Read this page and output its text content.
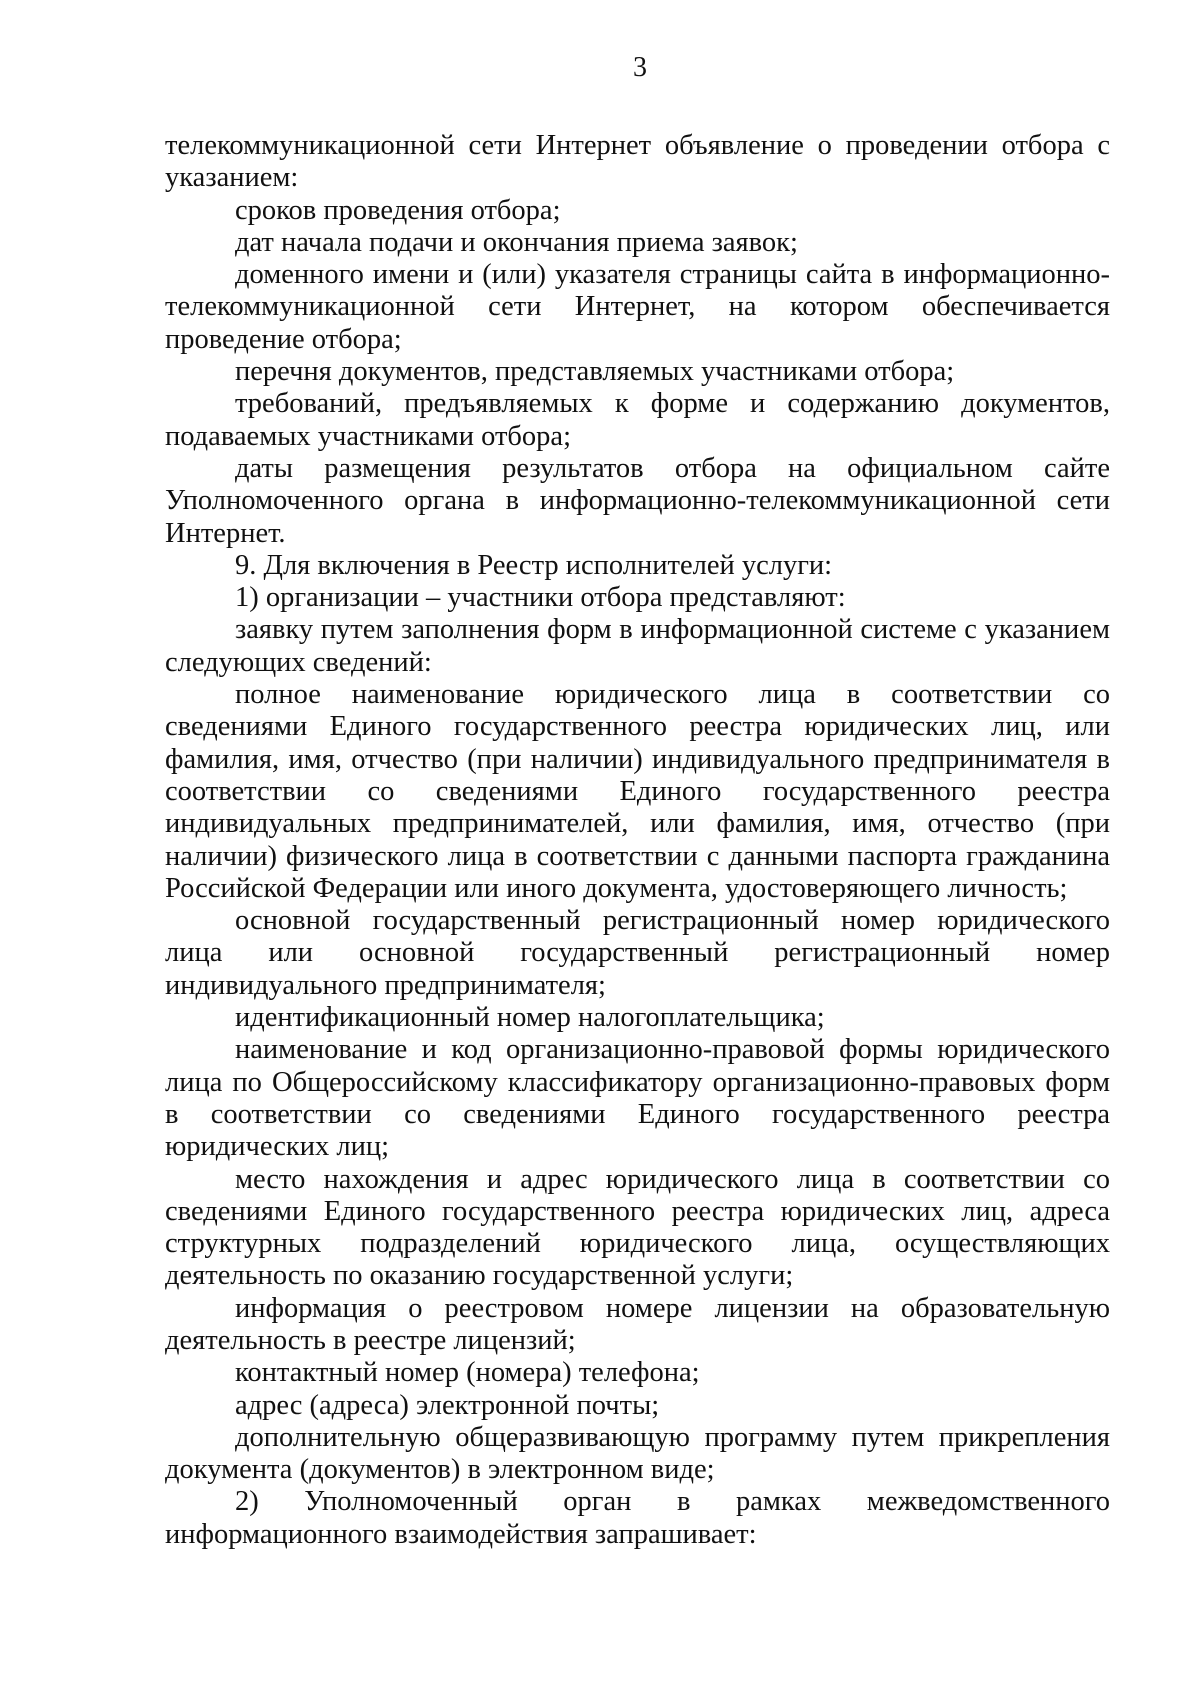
3

телекоммуникационной сети Интернет объявление о проведении отбора с указанием:

сроков проведения отбора;

дат начала подачи и окончания приема заявок;

доменного имени и (или) указателя страницы сайта в информационно-телекоммуникационной сети Интернет, на котором обеспечивается проведение отбора;

перечня документов, представляемых участниками отбора;

требований, предъявляемых к форме и содержанию документов, подаваемых участниками отбора;

даты размещения результатов отбора на официальном сайте Уполномоченного органа в информационно-телекоммуникационной сети Интернет.

9. Для включения в Реестр исполнителей услуги:

1) организации – участники отбора представляют:

заявку путем заполнения форм в информационной системе с указанием следующих сведений:

полное наименование юридического лица в соответствии со сведениями Единого государственного реестра юридических лиц, или фамилия, имя, отчество (при наличии) индивидуального предпринимателя в соответствии со сведениями Единого государственного реестра индивидуальных предпринимателей, или фамилия, имя, отчество (при наличии) физического лица в соответствии с данными паспорта гражданина Российской Федерации или иного документа, удостоверяющего личность;

основной государственный регистрационный номер юридического лица или основной государственный регистрационный номер индивидуального предпринимателя;

идентификационный номер налогоплательщика;

наименование и код организационно-правовой формы юридического лица по Общероссийскому классификатору организационно-правовых форм в соответствии со сведениями Единого государственного реестра юридических лиц;

место нахождения и адрес юридического лица в соответствии со сведениями Единого государственного реестра юридических лиц, адреса структурных подразделений юридического лица, осуществляющих деятельность по оказанию государственной услуги;

информация о реестровом номере лицензии на образовательную деятельность в реестре лицензий;

контактный номер (номера) телефона;

адрес (адреса) электронной почты;

дополнительную общеразвивающую программу путем прикрепления документа (документов) в электронном виде;

2) Уполномоченный орган в рамках межведомственного информационного взаимодействия запрашивает:
